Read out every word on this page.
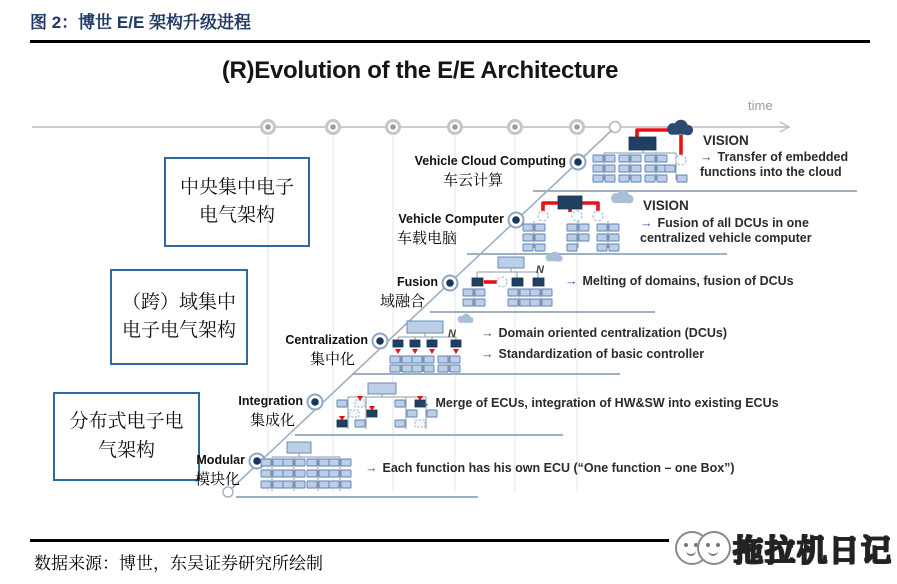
图 2：博世 E/E 架构升级进程
(R)Evolution of the E/E Architecture
time
中央集中电子
电气架构
（跨）域集中
电子电气架构
分布式电子电
气架构
Vehicle Cloud Computing
车云计算
Vehicle Computer
车载电脑
Fusion
域融合
Centralization
集中化
Integration
集成化
Modular
模块化
N
N
VISION
→ Transfer of embedded functions into the cloud
VISION
→ Fusion of all DCUs in one centralized vehicle computer
→ Melting of domains, fusion of DCUs
→ Domain oriented centralization (DCUs)
→ Standardization of basic controller
→ Merge of ECUs, integration of HW&SW into existing ECUs
→ Each function has his own ECU (“One function – one Box”)
数据来源：博世，东吴证券研究所绘制	拖拉机日记
